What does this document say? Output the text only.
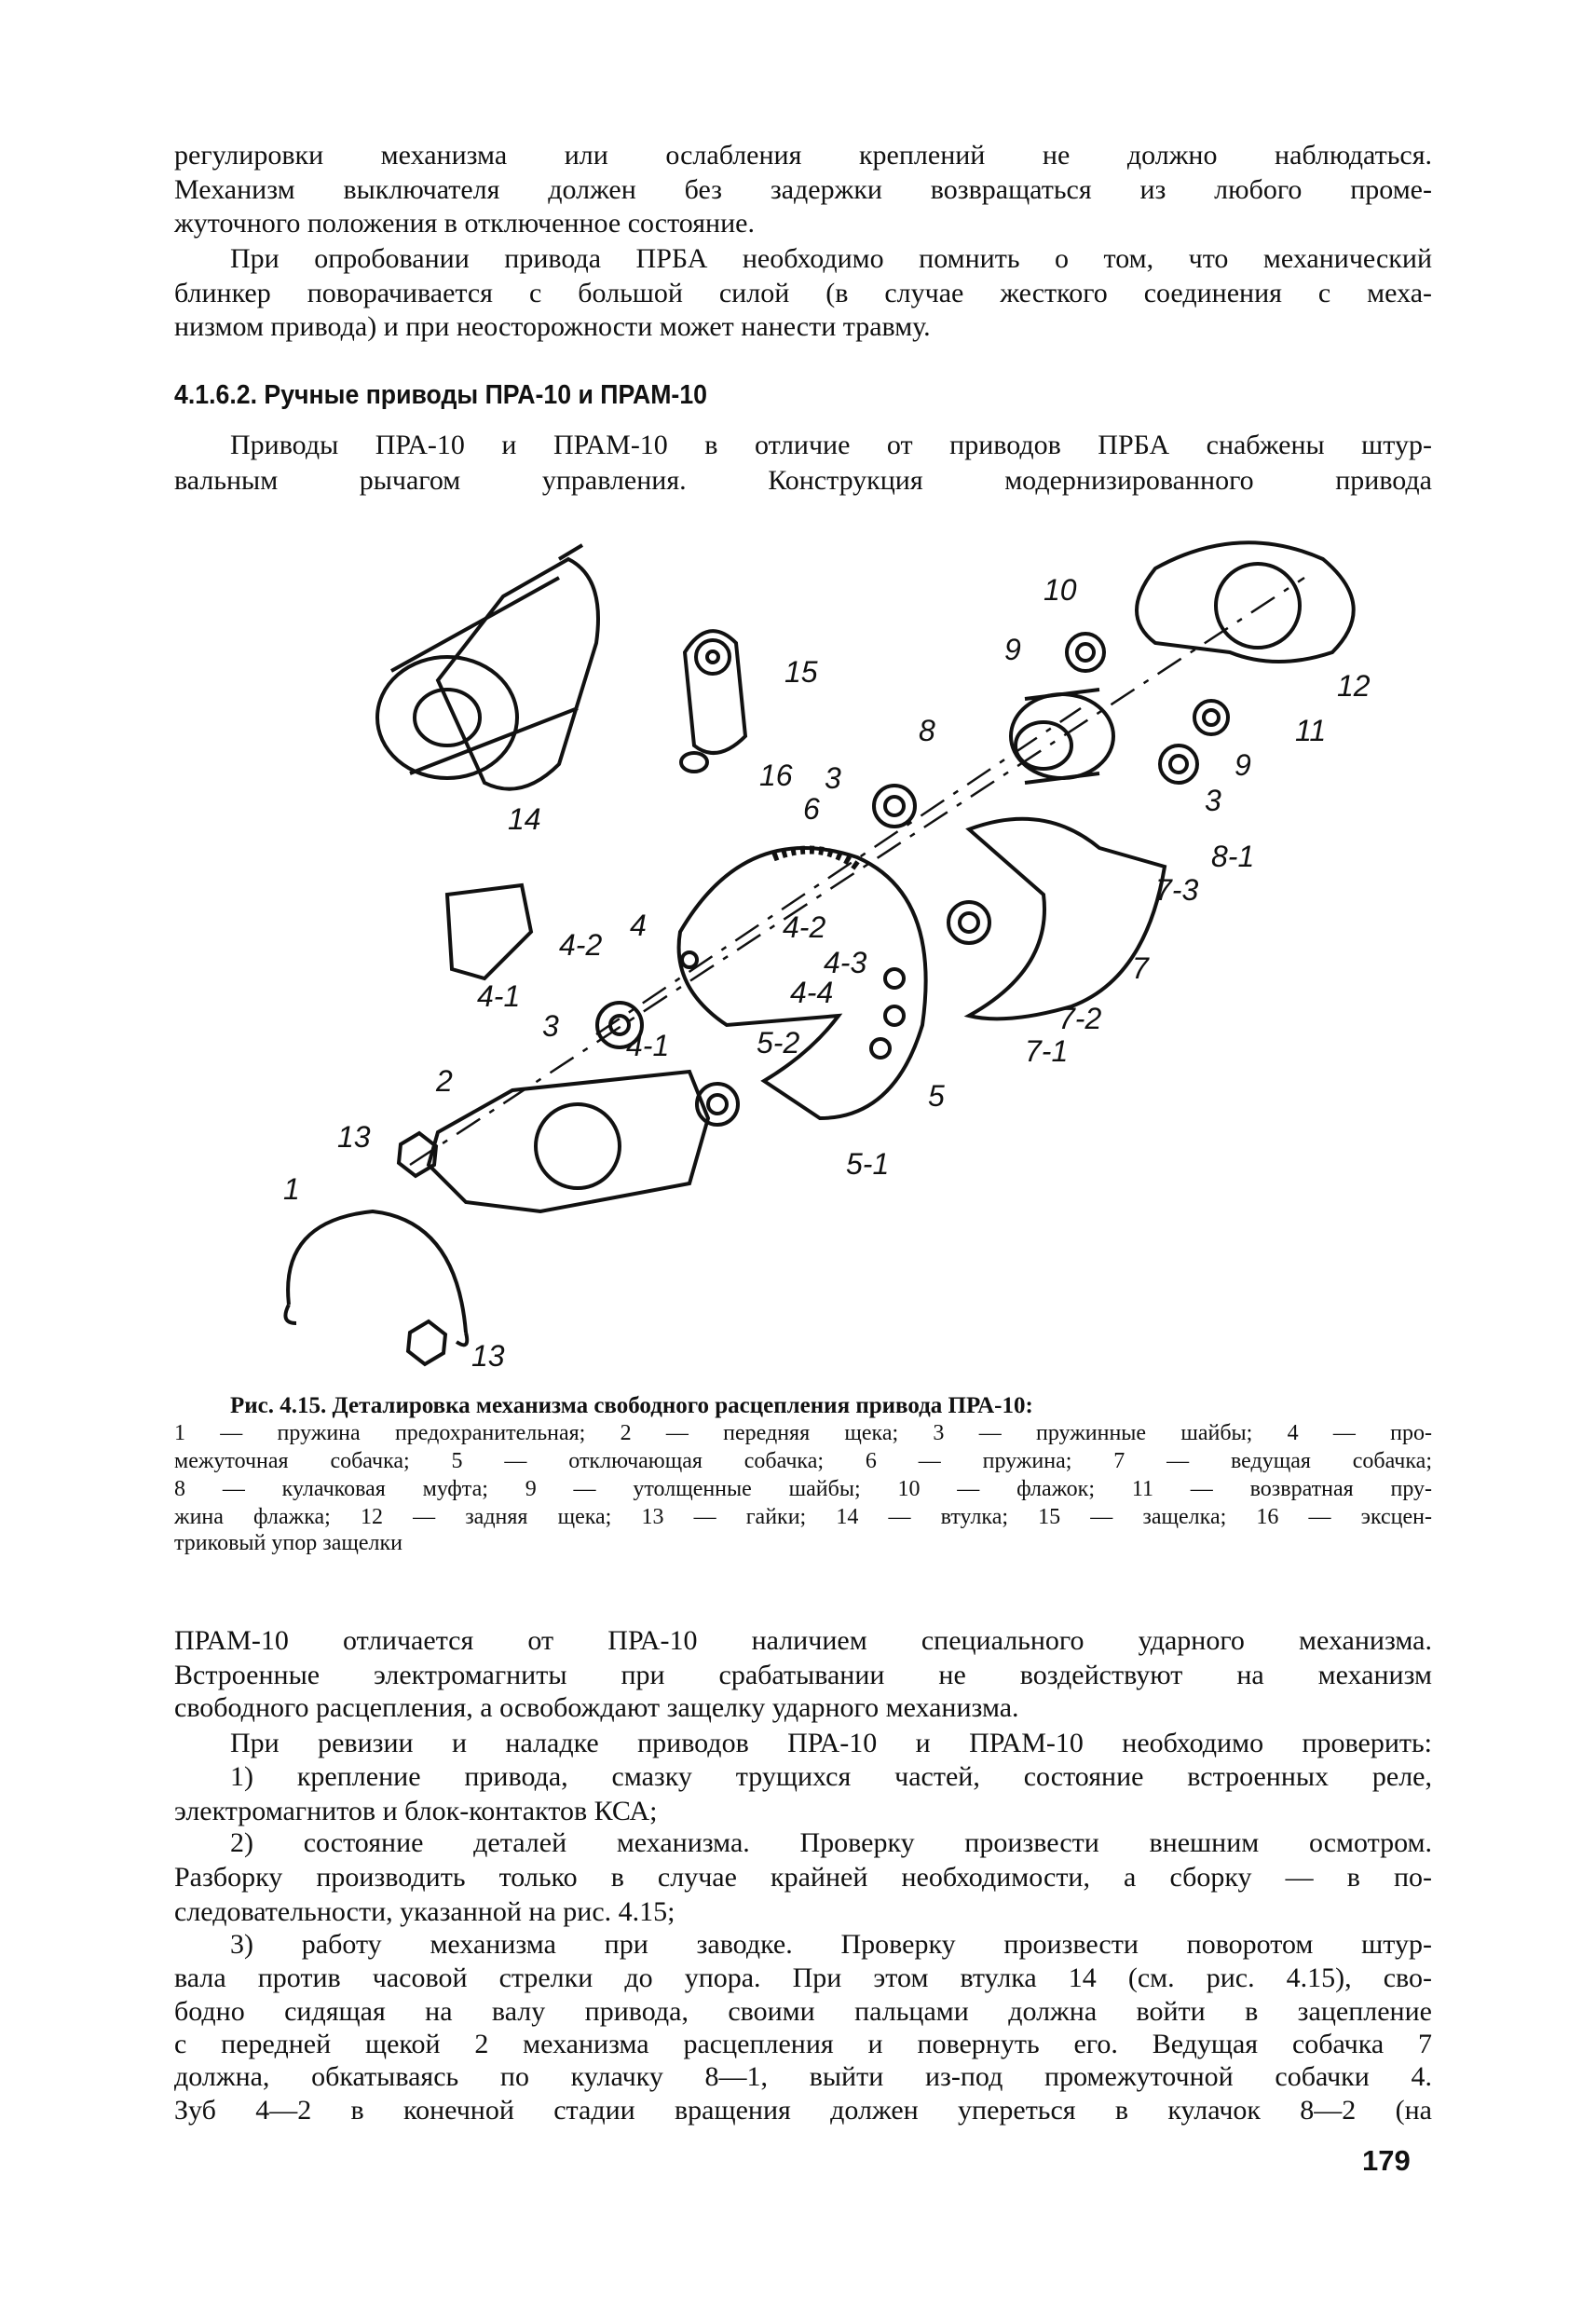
регулировки механизма или ослабления креплений не должно наблюдаться.
Механизм выключателя должен без задержки возвращаться из любого проме-
жуточного положения в отключенное состояние.
При опробовании привода ПРБА необходимо помнить о том, что механический
блинкер поворачивается с большой силой (в случае жесткого соединения с меха-
низмом привода) и при неосторожности может нанести травму.
4.1.6.2. Ручные приводы ПРА-10 и ПРАМ-10
Приводы ПРА-10 и ПРАМ-10 в отличие от приводов ПРБА снабжены штур-
вальным рычагом управления. Конструкция модернизированного привода
Рис. 4.15. Деталировка механизма свободного расцепления привода ПРА-10:
1 — пружина предохранительная; 2 — передняя щека; 3 — пружинные шайбы; 4 — про-
межуточная собачка; 5 — отключающая собачка; 6 — пружина; 7 — ведущая собачка;
8 — кулачковая муфта; 9 — утолщенные шайбы; 10 — флажок; 11 — возвратная пру-
жина флажка; 12 — задняя щека; 13 — гайки; 14 — втулка; 15 — защелка; 16 — эксцен-
триковый упор защелки
ПРАМ-10 отличается от ПРА-10 наличием специального ударного механизма.
Встроенные электромагниты при срабатывании не воздействуют на механизм
свободного расцепления, а освобождают защелку ударного механизма.
При ревизии и наладке приводов ПРА-10 и ПРАМ-10 необходимо проверить:
1) крепление привода, смазку трущихся частей, состояние встроенных реле,
электромагнитов и блок-контактов КСА;
2) состояние деталей механизма. Проверку произвести внешним осмотром.
Разборку производить только в случае крайней необходимости, а сборку — в по-
следовательности, указанной на рис. 4.15;
3) работу механизма при заводке. Проверку произвести поворотом штур-
вала против часовой стрелки до упора. При этом втулка 14 (см. рис. 4.15), сво-
бодно сидящая на валу привода, своими пальцами должна войти в зацепление
с передней щекой 2 механизма расцепления и повернуть его. Ведущая собачка 7
должна, обкатываясь по кулачку 8—1, выйти из-под промежуточной собачки 4.
Зуб 4—2 в конечной стадии вращения должен упереться в кулачок 8—2 (на
14
15
16
10
9
12
11
8
9
3
3
6
8-1
7-3
4-2
4	4-2
4-3
4-4
7
4-1
3
4-1	5-2
7-2
7-1
2	5
13
5-1
1
13
179
